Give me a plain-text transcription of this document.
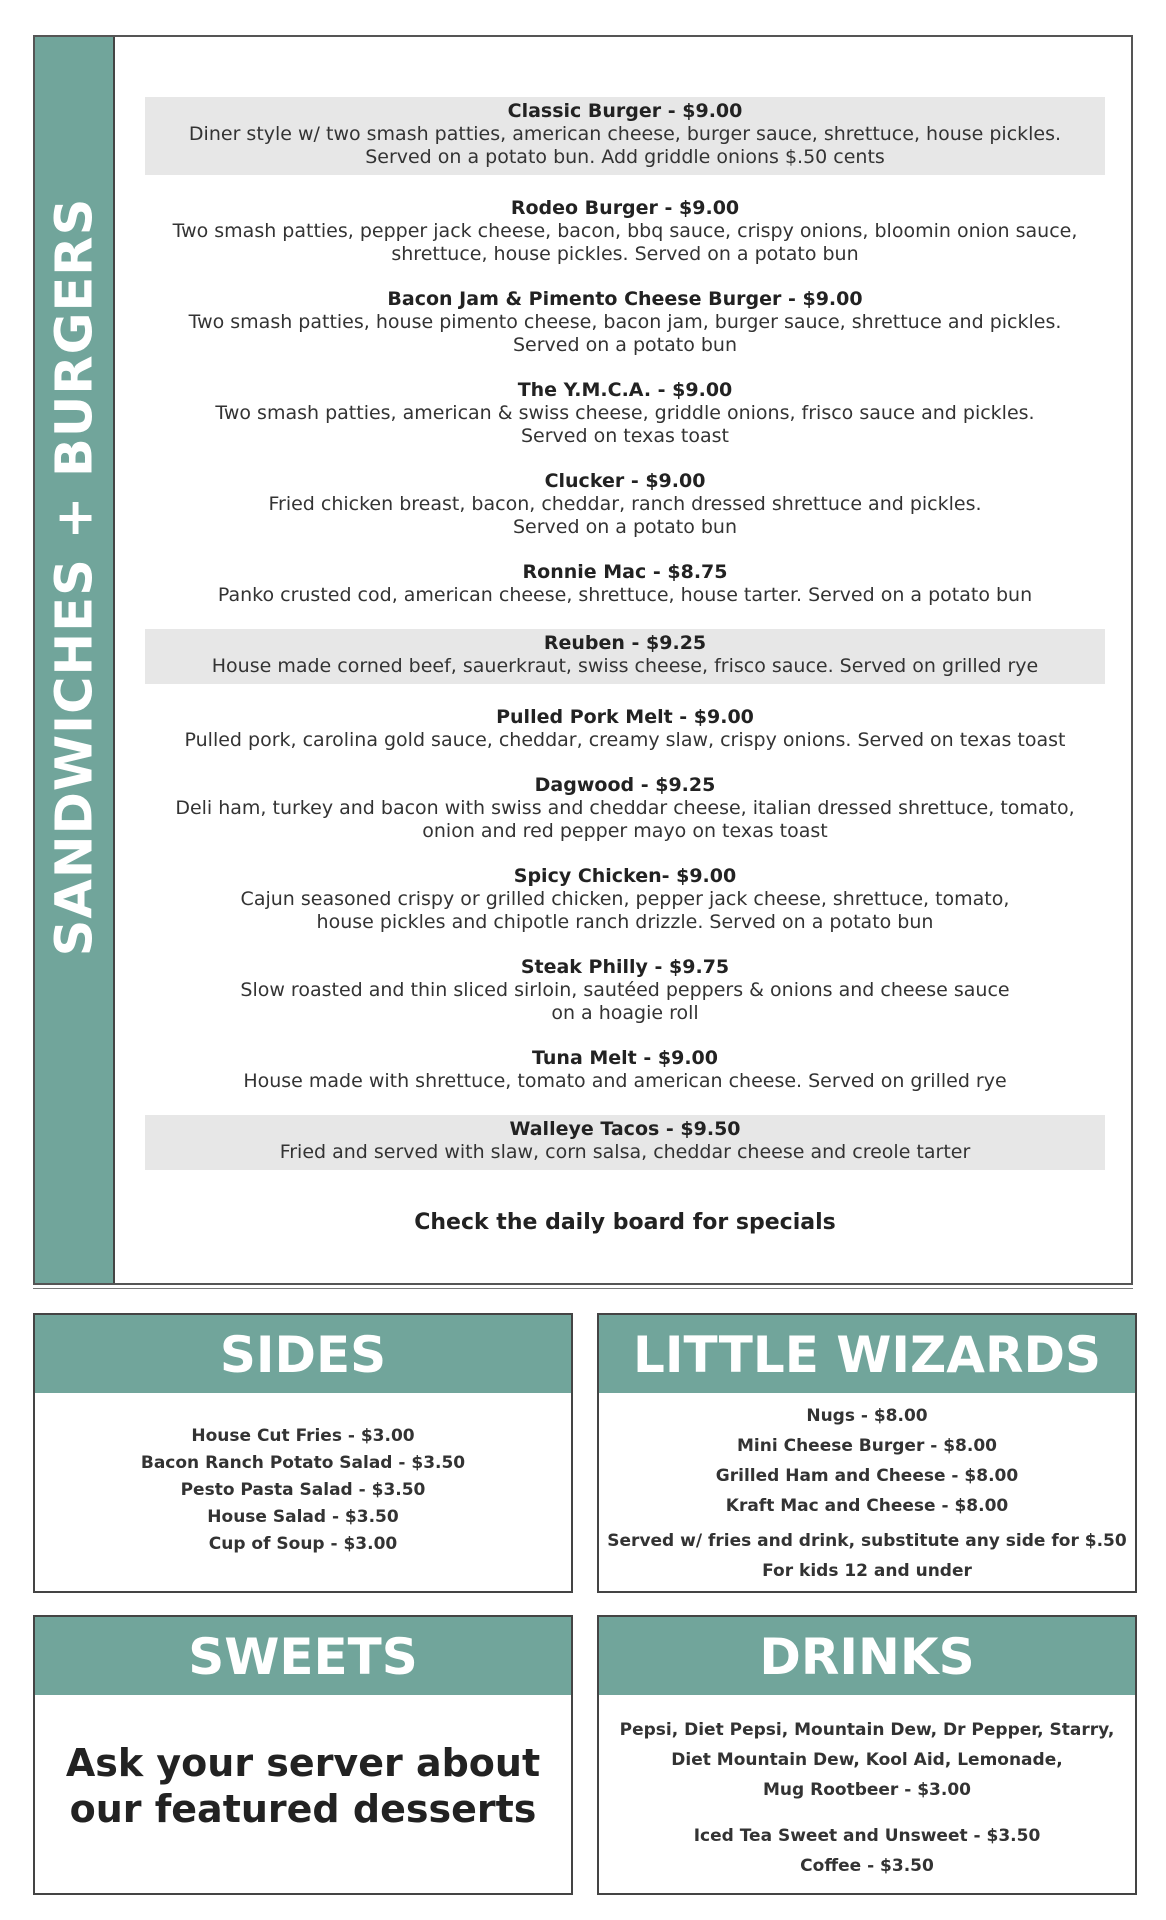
SANDWICHES + BURGERS
Classic Burger - $9.00
Diner style w/ two smash patties, american cheese, burger sauce, shrettuce, house pickles.
Served on a potato bun. Add griddle onions $.50 cents
Rodeo Burger - $9.00
Two smash patties, pepper jack cheese, bacon, bbq sauce, crispy onions, bloomin onion sauce,
shrettuce, house pickles. Served on a potato bun
Bacon Jam & Pimento Cheese Burger - $9.00
Two smash patties, house pimento cheese, bacon jam, burger sauce, shrettuce and pickles.
Served on a potato bun
The Y.M.C.A. - $9.00
Two smash patties, american & swiss cheese, griddle onions, frisco sauce and pickles.
Served on texas toast
Clucker - $9.00
Fried chicken breast, bacon, cheddar, ranch dressed shrettuce and pickles.
Served on a potato bun
Ronnie Mac - $8.75
Panko crusted cod, american cheese, shrettuce, house tarter. Served on a potato bun
Reuben - $9.25
House made corned beef, sauerkraut, swiss cheese, frisco sauce. Served on grilled rye
Pulled Pork Melt - $9.00
Pulled pork, carolina gold sauce, cheddar, creamy slaw, crispy onions. Served on texas toast
Dagwood - $9.25
Deli ham, turkey and bacon with swiss and cheddar cheese, italian dressed shrettuce, tomato,
onion and red pepper mayo on texas toast
Spicy Chicken- $9.00
Cajun seasoned crispy or grilled chicken, pepper jack cheese, shrettuce, tomato,
house pickles and chipotle ranch drizzle. Served on a potato bun
Steak Philly - $9.75
Slow roasted and thin sliced sirloin, sautéed peppers & onions and cheese sauce
on a hoagie roll
Tuna Melt - $9.00
House made with shrettuce, tomato and american cheese. Served on grilled rye
Walleye Tacos - $9.50
Fried and served with slaw, corn salsa, cheddar cheese and creole tarter
Check the daily board for specials
SIDES
House Cut Fries - $3.00
Bacon Ranch Potato Salad - $3.50
Pesto Pasta Salad - $3.50
House Salad - $3.50
Cup of Soup - $3.00
LITTLE WIZARDS
Nugs - $8.00
Mini Cheese Burger - $8.00
Grilled Ham and Cheese - $8.00
Kraft Mac and Cheese - $8.00
Served w/ fries and drink, substitute any side for $.50
For kids 12 and under
SWEETS
Ask your server about
our featured desserts
DRINKS
Pepsi, Diet Pepsi, Mountain Dew, Dr Pepper, Starry,
Diet Mountain Dew, Kool Aid, Lemonade,
Mug Rootbeer - $3.00
Iced Tea Sweet and Unsweet - $3.50
Coffee - $3.50
